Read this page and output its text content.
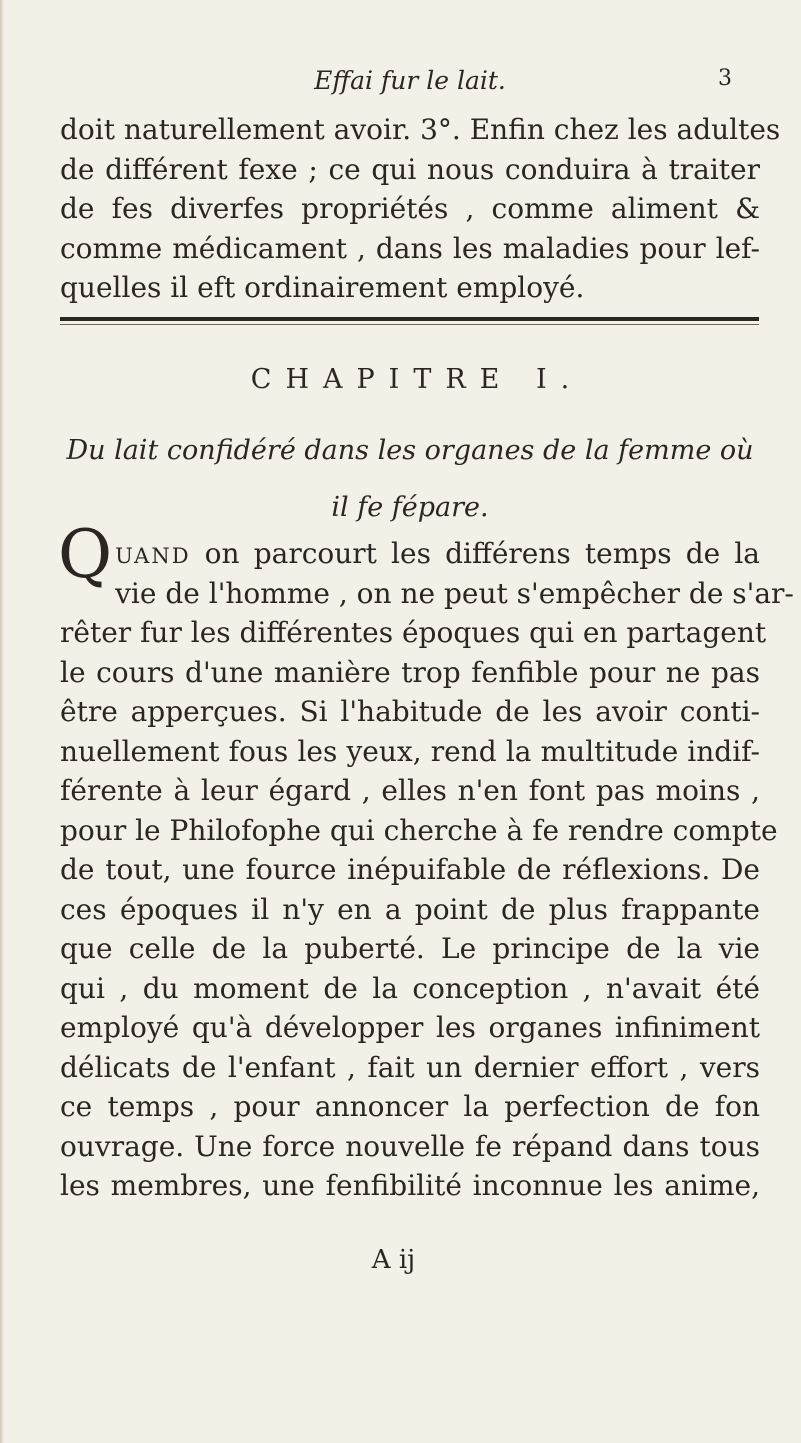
Effai fur le lait.	3
doit naturellement avoir. 3°. Enfin chez les adultes
de différent fexe ; ce qui nous conduira à traiter
de fes diverfes propriétés , comme aliment &
comme médicament , dans les maladies pour lef-
quelles il eft ordinairement employé.
CHAPITRE I.
Du lait confidéré dans les organes de la femme où
il fe fépare.
QUAND on parcourt les différens temps de la
vie de l'homme , on ne peut s'empêcher de s'ar-
rêter fur les différentes époques qui en partagent
le cours d'une manière trop fenfible pour ne pas
être apperçues. Si l'habitude de les avoir conti-
nuellement fous les yeux, rend la multitude indif-
férente à leur égard , elles n'en font pas moins ,
pour le Philofophe qui cherche à fe rendre compte
de tout, une fource inépuifable de réflexions. De
ces époques il n'y en a point de plus frappante
que celle de la puberté. Le principe de la vie
qui , du moment de la conception , n'avait été
employé qu'à développer les organes infiniment
délicats de l'enfant , fait un dernier effort , vers
ce temps , pour annoncer la perfection de fon
ouvrage. Une force nouvelle fe répand dans tous
les membres, une fenfibilité inconnue les anime,
A ij
